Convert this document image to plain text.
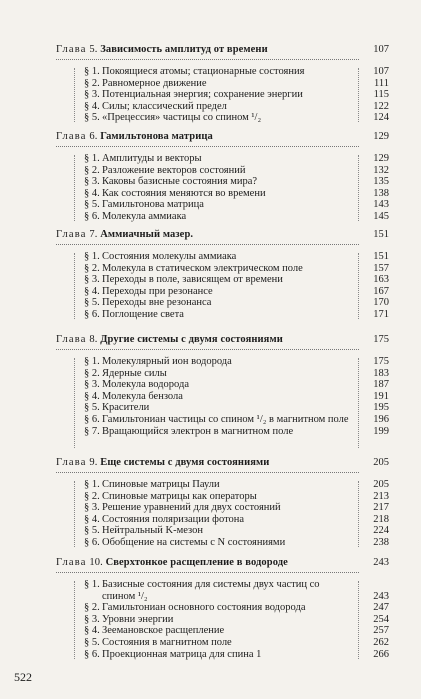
Глава 5. Зависимость амплитуд от времени	107
§ 1. Покоящиеся атомы; стационарные состояния	107
§ 2. Равномерное движение	111
§ 3. Потенциальная энергия; сохранение энергии	115
§ 4. Силы; классический предел	122
§ 5. «Прецессия» частицы со спином ¹/₂	124
Глава 6. Гамильтонова матрица	129
§ 1. Амплитуды и векторы	129
§ 2. Разложение векторов состояний	132
§ 3. Каковы базисные состояния мира?	135
§ 4. Как состояния меняются во времени	138
§ 5. Гамильтонова матрица	143
§ 6. Молекула аммиака	145
Глава 7. Аммиачный мазер.	151
§ 1. Состояния молекулы аммиака	151
§ 2. Молекула в статическом электрическом поле	157
§ 3. Переходы в поле, зависящем от времени	163
§ 4. Переходы при резонансе	167
§ 5. Переходы вне резонанса	170
§ 6. Поглощение света	171
Глава 8. Другие системы с двумя состояниями	175
§ 1. Молекулярный ион водорода	175
§ 2. Ядерные силы	183
§ 3. Молекула водорода	187
§ 4. Молекула бензола	191
§ 5. Красители	195
§ 6. Гамильтониан частицы со спином ¹/₂ в магнитном поле	196
§ 7. Вращающийся электрон в магнитном поле	199
Глава 9. Еще системы с двумя состояниями	205
§ 1. Спиновые матрицы Паули	205
§ 2. Спиновые матрицы как операторы	213
§ 3. Решение уравнений для двух состояний	217
§ 4. Состояния поляризации фотона	218
§ 5. Нейтральный K-мезон	224
§ 6. Обобщение на системы с N состояниями	238
Глава 10. Сверхтонкое расщепление в водороде	243
§ 1. Базисные состояния для системы двух частиц со спином ¹/₂	243
§ 2. Гамильтониан основного состояния водорода	247
§ 3. Уровни энергии	254
§ 4. Зеемановское расщепление	257
§ 5. Состояния в магнитном поле	262
§ 6. Проекционная матрица для спина 1	266
522
